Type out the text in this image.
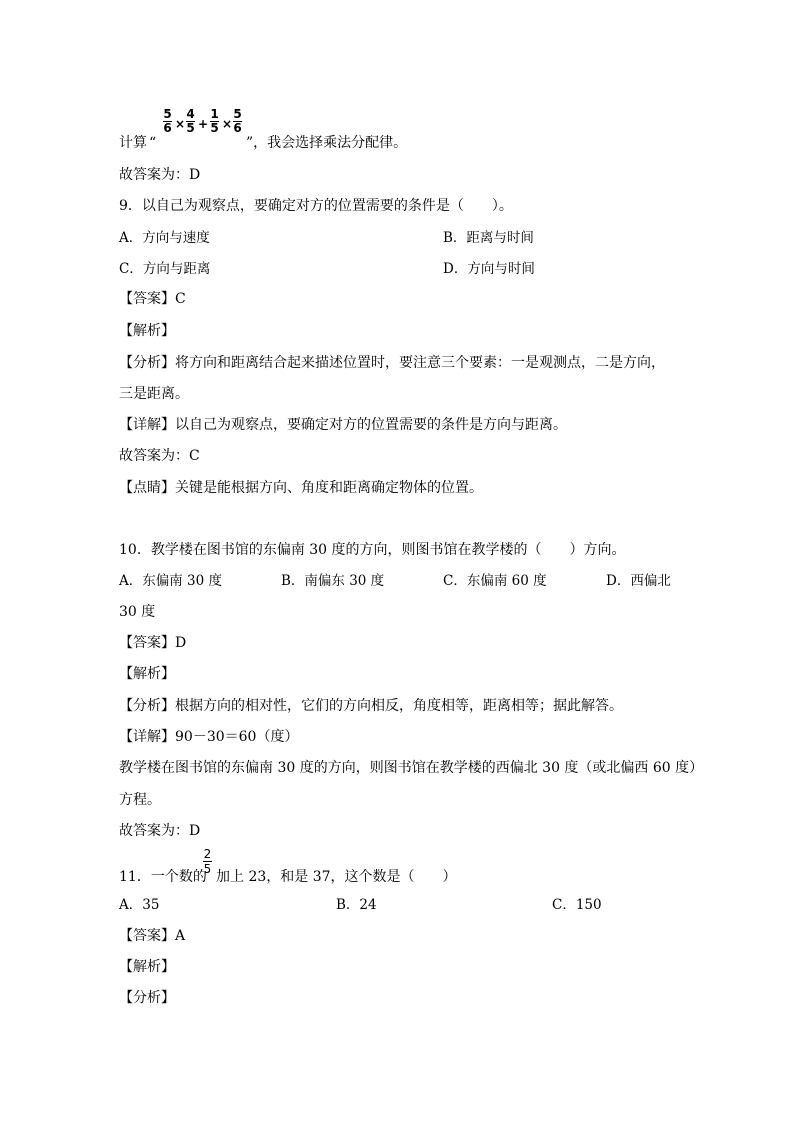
计算 “
5
6 ×
4
5 +
1
5 ×
5
6
”，我会选择乘法分配律。
故答案为：D
9．以自己为观察点，要确定对方的位置需要的条件是（　　）。
A．方向与速度	B．距离与时间
C．方向与距离	D．方向与时间
【答案】C
【解析】
【分析】将方向和距离结合起来描述位置时，要注意三个要素：一是观测点，二是方向，
三是距离。
【详解】以自己为观察点，要确定对方的位置需要的条件是方向与距离。
故答案为：C
【点睛】关键是能根据方向、角度和距离确定物体的位置。
10．教学楼在图书馆的东偏南 30 度的方向，则图书馆在教学楼的（　　）方向。
A．东偏南 30 度	B．南偏东 30 度	C．东偏南 60 度	D．西偏北
30 度
【答案】D
【解析】
【分析】根据方向的相对性，它们的方向相反，角度相等，距离相等；据此解答。
【详解】90－30＝60（度）
教学楼在图书馆的东偏南 30 度的方向，则图书馆在教学楼的西偏北 30 度（或北偏西 60 度）
方程。
故答案为：D
11．一个数的
2
5 加上 23，和是 37，这个数是（　　）
A．35	B．24	C．150
【答案】A
【解析】
【分析】
